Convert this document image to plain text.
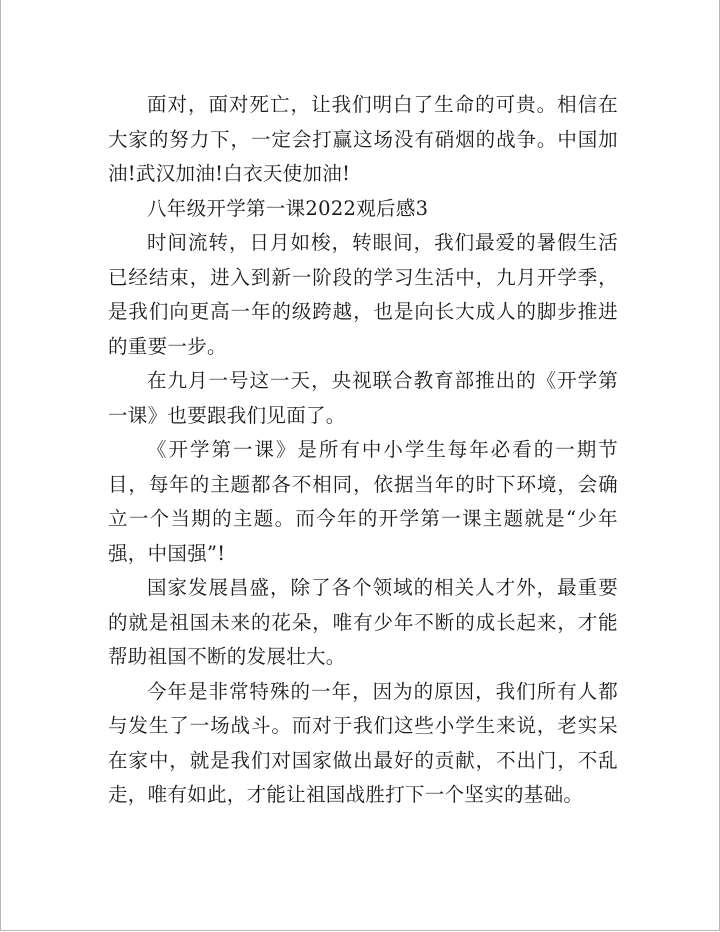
面对，面对死亡，让我们明白了生命的可贵。相信在大家的努力下，一定会打赢这场没有硝烟的战争。中国加油!武汉加油!白衣天使加油!

八年级开学第一课2022观后感3

时间流转，日月如梭，转眼间，我们最爱的暑假生活已经结束，进入到新一阶段的学习生活中，九月开学季，是我们向更高一年的级跨越，也是向长大成人的脚步推进的重要一步。

在九月一号这一天，央视联合教育部推出的《开学第一课》也要跟我们见面了。

《开学第一课》是所有中小学生每年必看的一期节目，每年的主题都各不相同，依据当年的时下环境，会确立一个当期的主题。而今年的开学第一课主题就是“少年强，中国强”!

国家发展昌盛，除了各个领域的相关人才外，最重要的就是祖国未来的花朵，唯有少年不断的成长起来，才能帮助祖国不断的发展壮大。

今年是非常特殊的一年，因为的原因，我们所有人都与发生了一场战斗。而对于我们这些小学生来说，老实呆在家中，就是我们对国家做出最好的贡献，不出门，不乱走，唯有如此，才能让祖国战胜打下一个坚实的基础。
